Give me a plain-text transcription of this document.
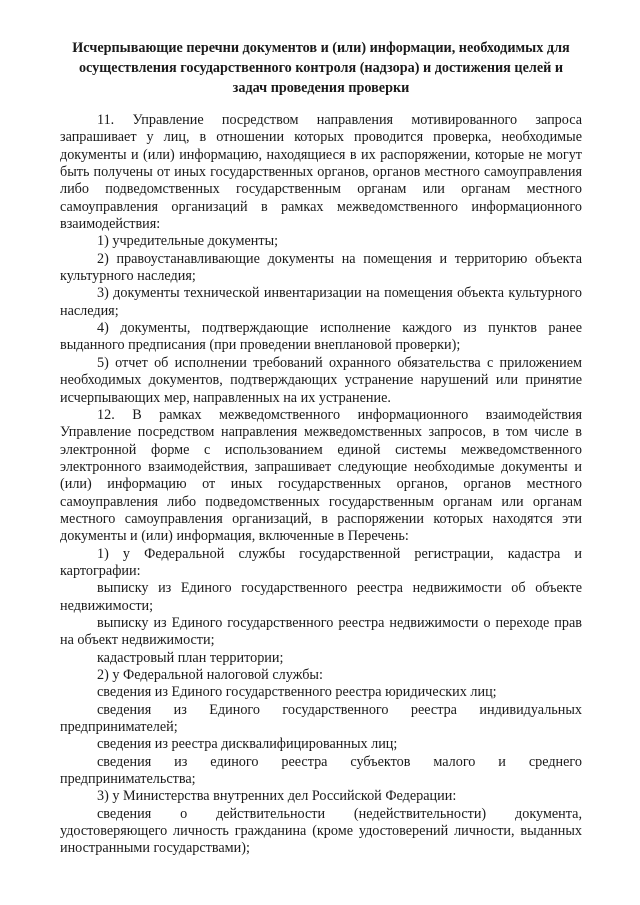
Исчерпывающие перечни документов и (или) информации, необходимых для осуществления государственного контроля (надзора) и достижения целей и задач проведения проверки

11. Управление посредством направления мотивированного запроса запрашивает у лиц, в отношении которых проводится проверка, необходимые документы и (или) информацию, находящиеся в их распоряжении, которые не могут быть получены от иных государственных органов, органов местного самоуправления либо подведомственных государственным органам или органам местного самоуправления организаций в рамках межведомственного информационного взаимодействия:

1) учредительные документы;

2) правоустанавливающие документы на помещения и территорию объекта культурного наследия;

3) документы технической инвентаризации на помещения объекта культурного наследия;

4) документы, подтверждающие исполнение каждого из пунктов ранее выданного предписания (при проведении внеплановой проверки);

5) отчет об исполнении требований охранного обязательства с приложением необходимых документов, подтверждающих устранение нарушений или принятие исчерпывающих мер, направленных на их устранение.

12. В рамках межведомственного информационного взаимодействия Управление посредством направления межведомственных запросов, в том числе в электронной форме с использованием единой системы межведомственного электронного взаимодействия, запрашивает следующие необходимые документы и (или) информацию от иных государственных органов, органов местного самоуправления либо подведомственных государственным органам или органам местного самоуправления организаций, в распоряжении которых находятся эти документы и (или) информация, включенные в Перечень:

1) у Федеральной службы государственной регистрации, кадастра и картографии:

выписку из Единого государственного реестра недвижимости об объекте недвижимости;

выписку из Единого государственного реестра недвижимости о переходе прав на объект недвижимости;

кадастровый план территории;

2) у Федеральной налоговой службы:

сведения из Единого государственного реестра юридических лиц;

сведения из Единого государственного реестра индивидуальных предпринимателей;

сведения из реестра дисквалифицированных лиц;

сведения из единого реестра субъектов малого и среднего предпринимательства;

3) у Министерства внутренних дел Российской Федерации:

сведения о действительности (недействительности) документа, удостоверяющего личность гражданина (кроме удостоверений личности, выданных иностранными государствами);
